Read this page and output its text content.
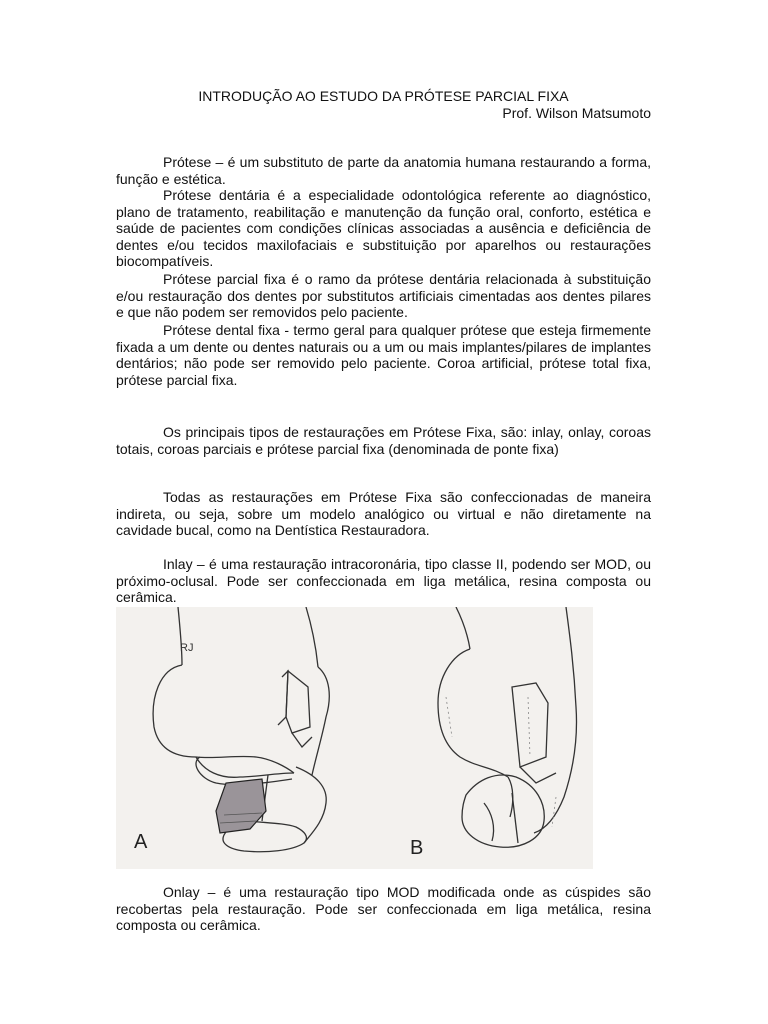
INTRODUÇÃO AO ESTUDO DA PRÓTESE PARCIAL FIXA
Prof. Wilson Matsumoto

Prótese – é um substituto de parte da anatomia humana restaurando a forma, função e estética.

Prótese dentária é a especialidade odontológica referente ao diagnóstico, plano de tratamento, reabilitação e manutenção da função oral, conforto, estética e saúde de pacientes com condições clínicas associadas a ausência e deficiência de dentes e/ou tecidos maxilofaciais e substituição por aparelhos ou restaurações biocompatíveis.

Prótese parcial fixa é o ramo da prótese dentária relacionada à substituição e/ou restauração dos dentes por substitutos artificiais cimentadas aos dentes pilares e que não podem ser removidos pelo paciente.

Prótese dental fixa - termo geral para qualquer prótese que esteja firmemente fixada a um dente ou dentes naturais ou a um ou mais implantes/pilares de implantes dentários; não pode ser removido pelo paciente. Coroa artificial, prótese total fixa, prótese parcial fixa.

Os principais tipos de restaurações em Prótese Fixa, são: inlay, onlay, coroas totais, coroas parciais e prótese parcial fixa (denominada de ponte fixa)

Todas as restaurações em Prótese Fixa são confeccionadas de maneira indireta, ou seja, sobre um modelo analógico ou virtual e não diretamente na cavidade bucal, como na Dentística Restauradora.

Inlay – é uma restauração intracoronária, tipo classe II, podendo ser MOD, ou próximo-oclusal. Pode ser confeccionada em liga metálica, resina composta ou cerâmica.

RJ
A	B

Onlay – é uma restauração tipo MOD modificada onde as cúspides são recobertas pela restauração. Pode ser confeccionada em liga metálica, resina composta ou cerâmica.
